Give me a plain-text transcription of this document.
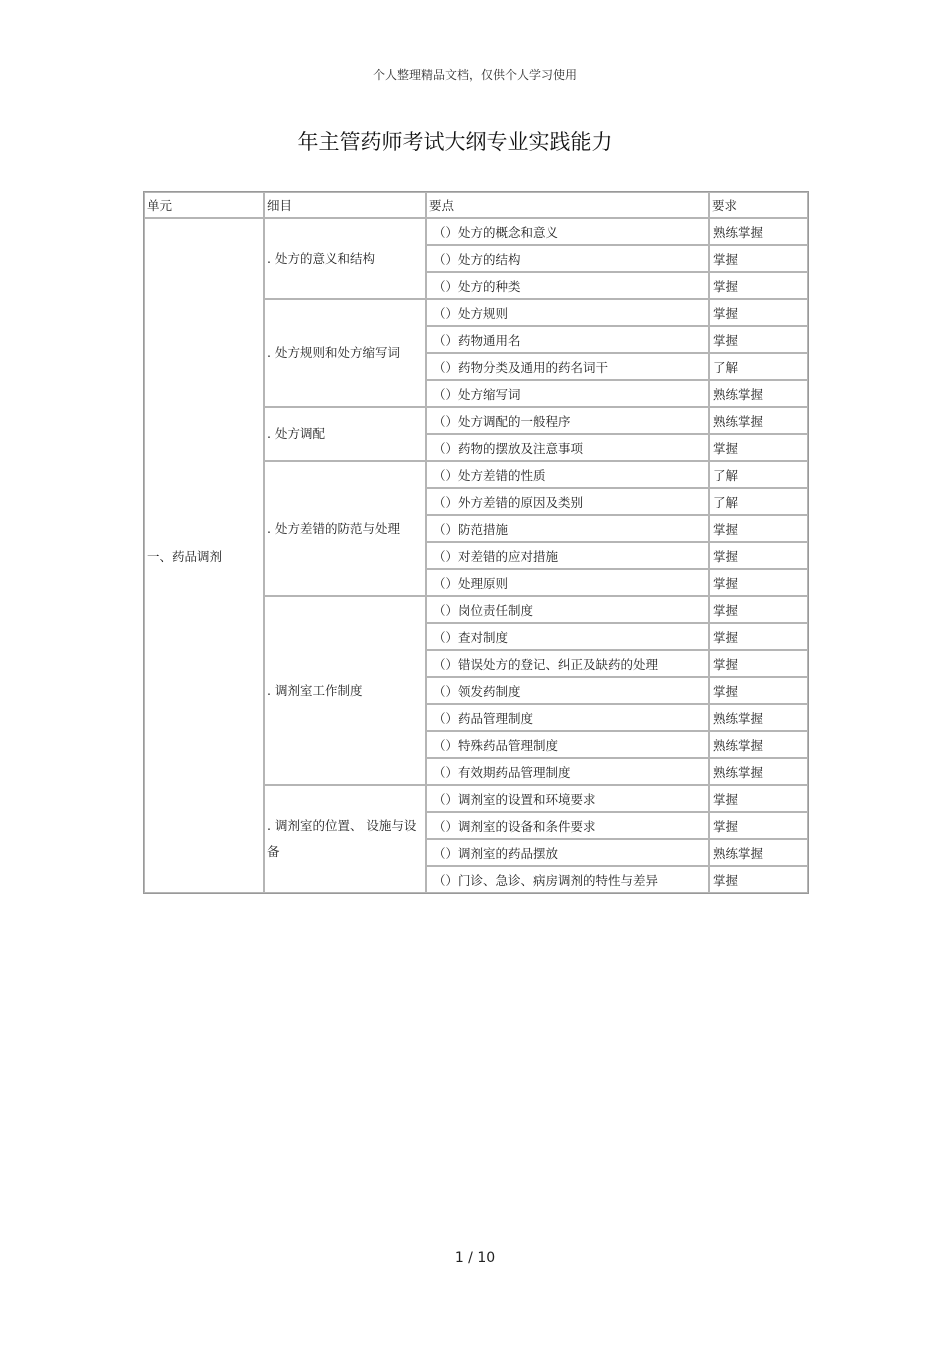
个人整理精品文档，仅供个人学习使用
年主管药师考试大纲专业实践能力
单元	细目	要点	要求
一、药品调剂	. 处方的意义和结构	（）处方的概念和意义	熟练掌握
		（）处方的结构	掌握
		（）处方的种类	掌握
	. 处方规则和处方缩写词	（）处方规则	掌握
		（）药物通用名	掌握
		（）药物分类及通用的药名词干	了解
		（）处方缩写词	熟练掌握
	. 处方调配	（）处方调配的一般程序	熟练掌握
		（）药物的摆放及注意事项	掌握
	. 处方差错的防范与处理	（）处方差错的性质	了解
		（）外方差错的原因及类别	了解
		（）防范措施	掌握
		（）对差错的应对措施	掌握
		（）处理原则	掌握
	. 调剂室工作制度	（）岗位责任制度	掌握
		（）查对制度	掌握
		（）错误处方的登记、纠正及缺药的处理	掌握
		（）领发药制度	掌握
		（）药品管理制度	熟练掌握
		（）特殊药品管理制度	熟练掌握
		（）有效期药品管理制度	熟练掌握
	. 调剂室的位置、 设施与设备	（）调剂室的设置和环境要求	掌握
		（）调剂室的设备和条件要求	掌握
		（）调剂室的药品摆放	熟练掌握
		（）门诊、急诊、病房调剂的特性与差异	掌握
1 / 10
